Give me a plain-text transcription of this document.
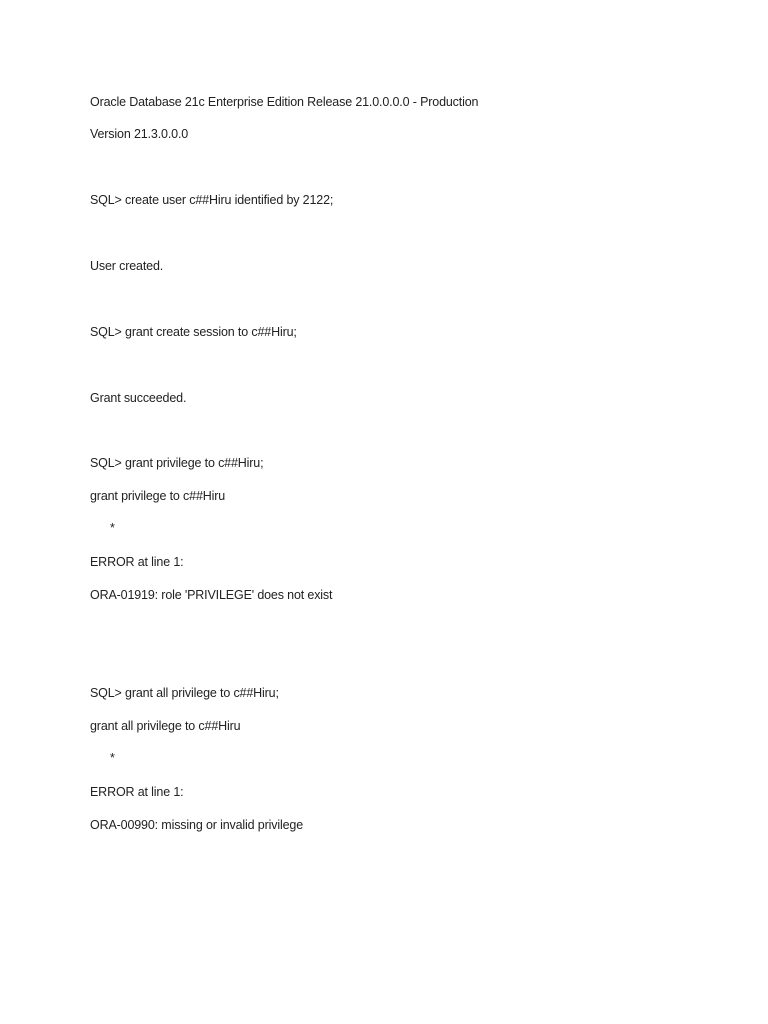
Oracle Database 21c Enterprise Edition Release 21.0.0.0.0 - Production
Version 21.3.0.0.0
SQL> create user c##Hiru identified by 2122;
User created.
SQL> grant create session to c##Hiru;
Grant succeeded.
SQL> grant privilege to c##Hiru;
grant privilege to c##Hiru
*
ERROR at line 1:
ORA-01919: role 'PRIVILEGE' does not exist
SQL> grant all privilege to c##Hiru;
grant all privilege to c##Hiru
*
ERROR at line 1:
ORA-00990: missing or invalid privilege
